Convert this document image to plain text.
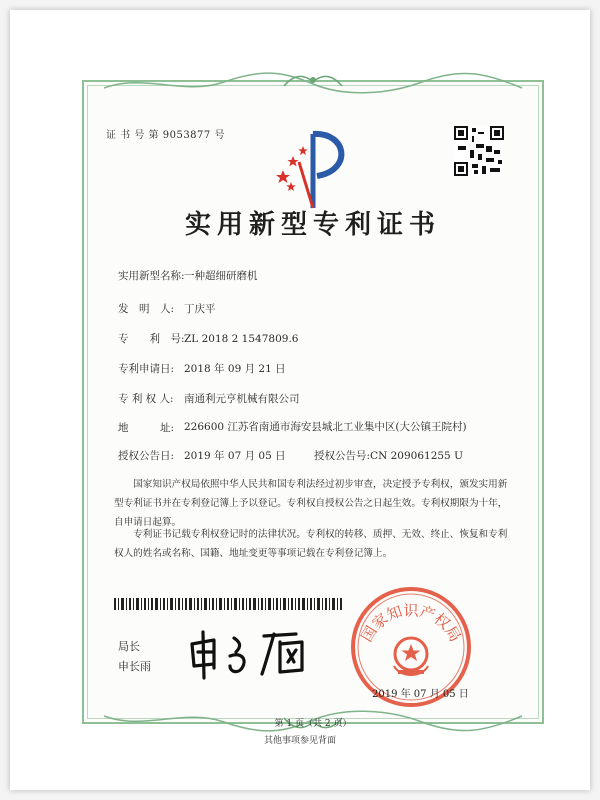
证 书 号 第 9053877 号
实用新型专利证书
实用新型名称:一种超细研磨机
发　明　人: 丁庆平
专　　利　号:ZL 2018 2 1547809.6
专利申请日: 2018 年 09 月 21 日
专 利 权 人: 南通利元亨机械有限公司
地　　　址: 226600 江苏省南通市海安县城北工业集中区(大公镇王院村)
授权公告日: 2019 年 07 月 05 日	授权公告号:CN 209061255 U
国家知识产权局依照中华人民共和国专利法经过初步审查，决定授予专利权，颁发实用新型专利证书并在专利登记簿上予以登记。专利权自授权公告之日起生效。专利权期限为十年，自申请日起算。
专利证书记载专利权登记时的法律状况。专利权的转移、质押、无效、终止、恢复和专利权人的姓名或名称、国籍、地址变更等事项记载在专利登记簿上。
局长
申长雨
国家知识产权局
2019 年 07 月 05 日
第 1 页（共 2 页）
其他事项参见背面
